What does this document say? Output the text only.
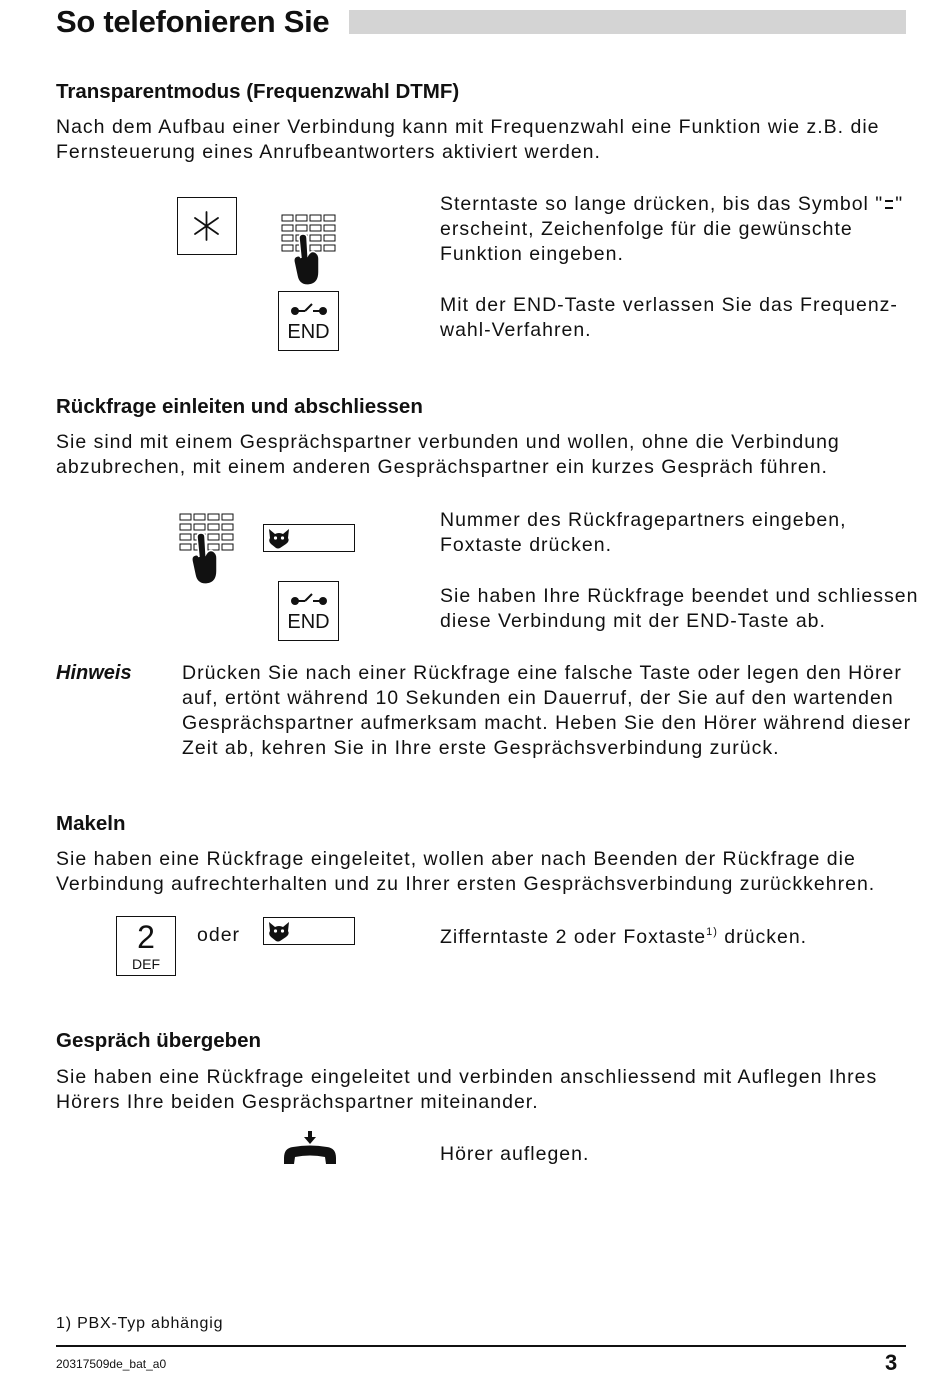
So telefonieren Sie
Transparentmodus (Frequenzwahl DTMF)
Nach dem Aufbau einer Verbindung kann mit Frequenzwahl eine Funktion wie z.B. die
Fernsteuerung eines Anrufbeantworters aktiviert werden.
Sterntaste so lange drücken, bis das Symbol " "
erscheint, Zeichenfolge für die gewünschte
Funktion eingeben.
END
Mit der END-Taste verlassen Sie das Frequenz-
wahl-Verfahren.
Rückfrage einleiten und abschliessen
Sie sind mit einem Gesprächspartner verbunden und wollen, ohne die Verbindung
abzubrechen, mit einem anderen Gesprächspartner ein kurzes Gespräch führen.
Nummer des Rückfragepartners eingeben,
Foxtaste drücken.
END
Sie haben Ihre Rückfrage beendet und schliessen
diese Verbindung mit der END-Taste ab.
Hinweis	Drücken Sie nach einer Rückfrage eine falsche Taste oder legen den Hörer
auf, ertönt während 10 Sekunden ein Dauerruf, der Sie auf den wartenden
Gesprächspartner aufmerksam macht. Heben Sie den Hörer während dieser
Zeit ab, kehren Sie in Ihre erste Gesprächsverbindung zurück.
Makeln
Sie haben eine Rückfrage eingeleitet, wollen aber nach Beenden der Rückfrage die
Verbindung aufrechterhalten und zu Ihrer ersten Gesprächsverbindung zurückkehren.
2
DEF
oder	Zifferntaste 2 oder Foxtaste$^{1)}$ drücken.
Gespräch übergeben
Sie haben eine Rückfrage eingeleitet und verbinden anschliessend mit Auflegen Ihres
Hörers Ihre beiden Gesprächspartner miteinander.
Hörer auflegen.
1) PBX-Typ abhängig
20317509de_bat_a0	3
